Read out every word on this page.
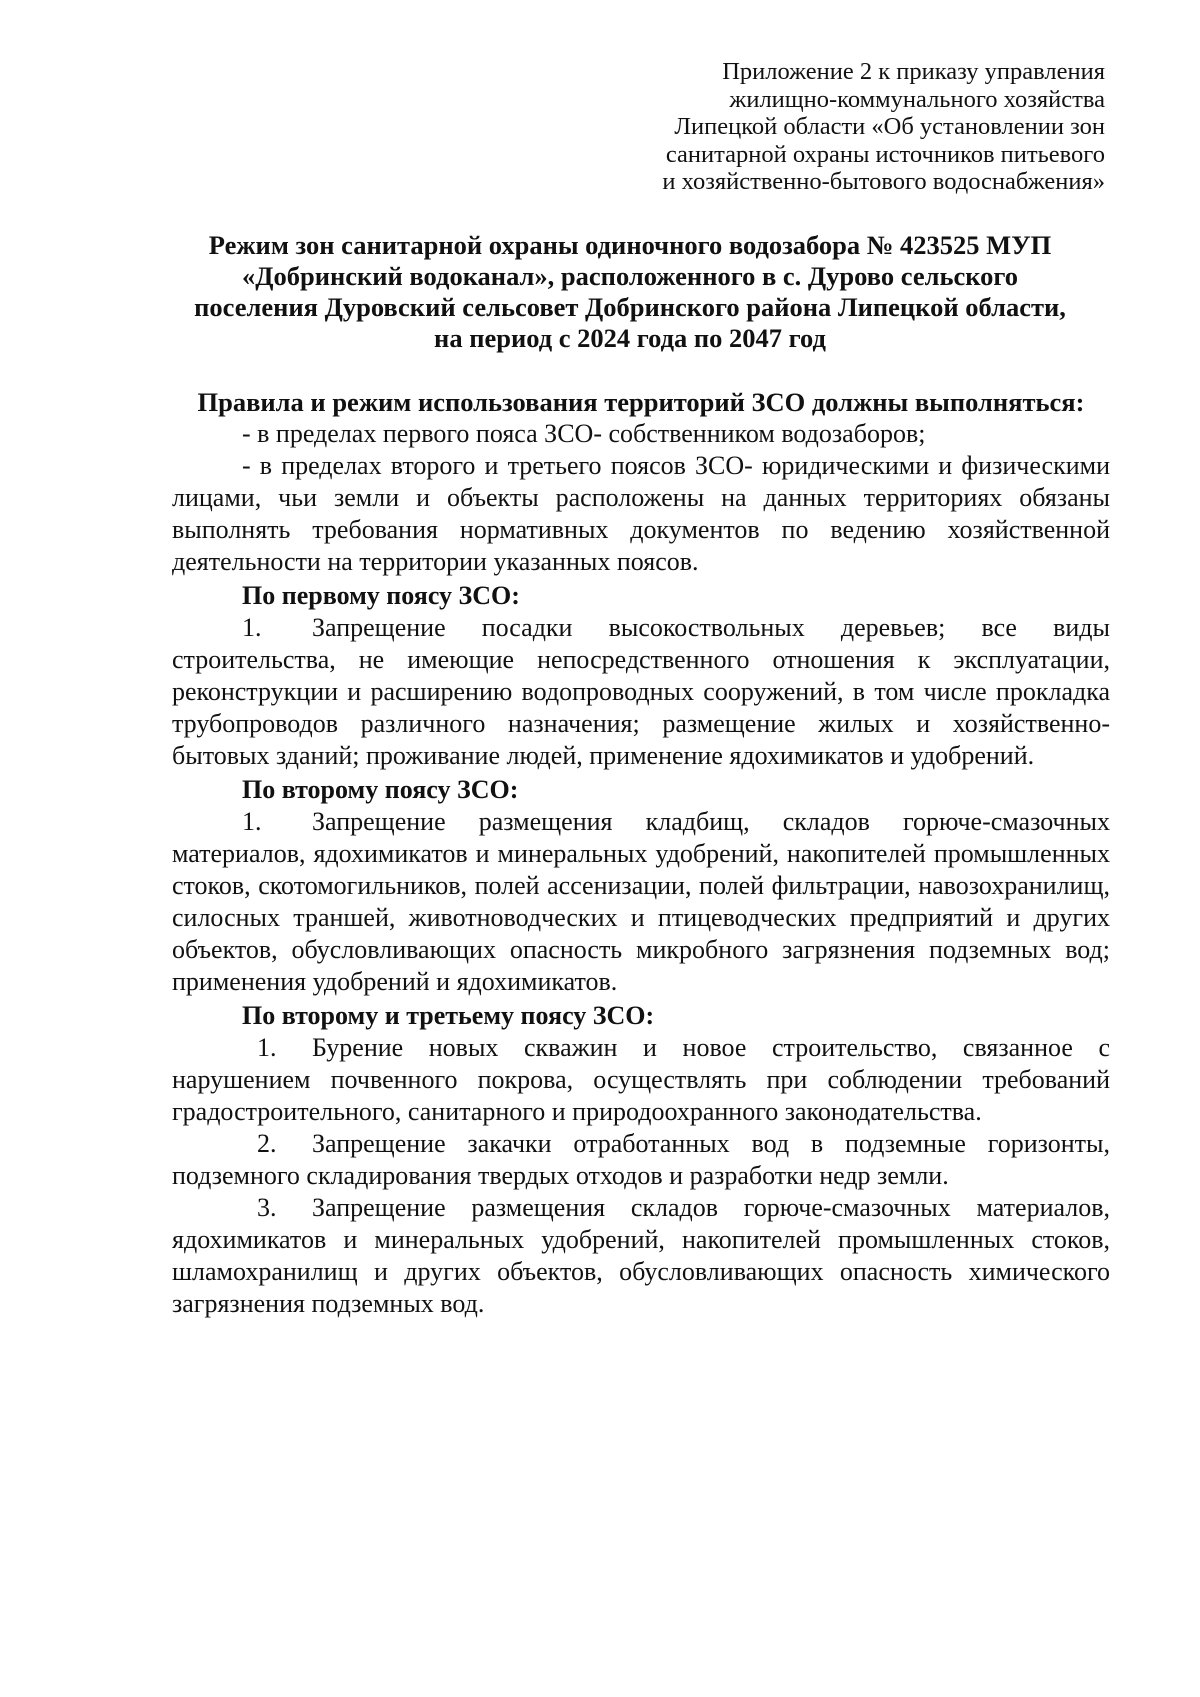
Приложение 2 к приказу управления
жилищно-коммунального хозяйства
Липецкой области «Об установлении зон
санитарной охраны источников питьевого
и хозяйственно-бытового водоснабжения»
Режим зон санитарной охраны одиночного водозабора № 423525 МУП
«Добринский водоканал», расположенного в с. Дурово сельского
поселения Дуровский сельсовет Добринского района Липецкой области,
на период с 2024 года по 2047 год
Правила и режим использования территорий ЗСО должны выполняться:

- в пределах первого пояса ЗСО- собственником водозаборов;

- в пределах второго и третьего поясов ЗСО- юридическими и физическими лицами, чьи земли и объекты расположены на данных территориях обязаны выполнять требования нормативных документов по ведению хозяйственной деятельности на территории указанных поясов.

По первому поясу ЗСО:

1. Запрещение посадки высокоствольных деревьев; все виды строительства, не имеющие непосредственного отношения к эксплуатации, реконструкции и расширению водопроводных сооружений, в том числе прокладка трубопроводов различного назначения; размещение жилых и хозяйственно-бытовых зданий; проживание людей, применение ядохимикатов и удобрений.

По второму поясу ЗСО:

1. Запрещение размещения кладбищ, складов горюче-смазочных материалов, ядохимикатов и минеральных удобрений, накопителей промышленных стоков, скотомогильников, полей ассенизации, полей фильтрации, навозохранилищ, силосных траншей, животноводческих и птицеводческих предприятий и других объектов, обусловливающих опасность микробного загрязнения подземных вод; применения удобрений и ядохимикатов.

По второму и третьему поясу ЗСО:

1. Бурение новых скважин и новое строительство, связанное с нарушением почвенного покрова, осуществлять при соблюдении требований градостроительного, санитарного и природоохранного законодательства.

2. Запрещение закачки отработанных вод в подземные горизонты, подземного складирования твердых отходов и разработки недр земли.

3. Запрещение размещения складов горюче-смазочных материалов, ядохимикатов и минеральных удобрений, накопителей промышленных стоков, шламохранилищ и других объектов, обусловливающих опасность химического загрязнения подземных вод.
